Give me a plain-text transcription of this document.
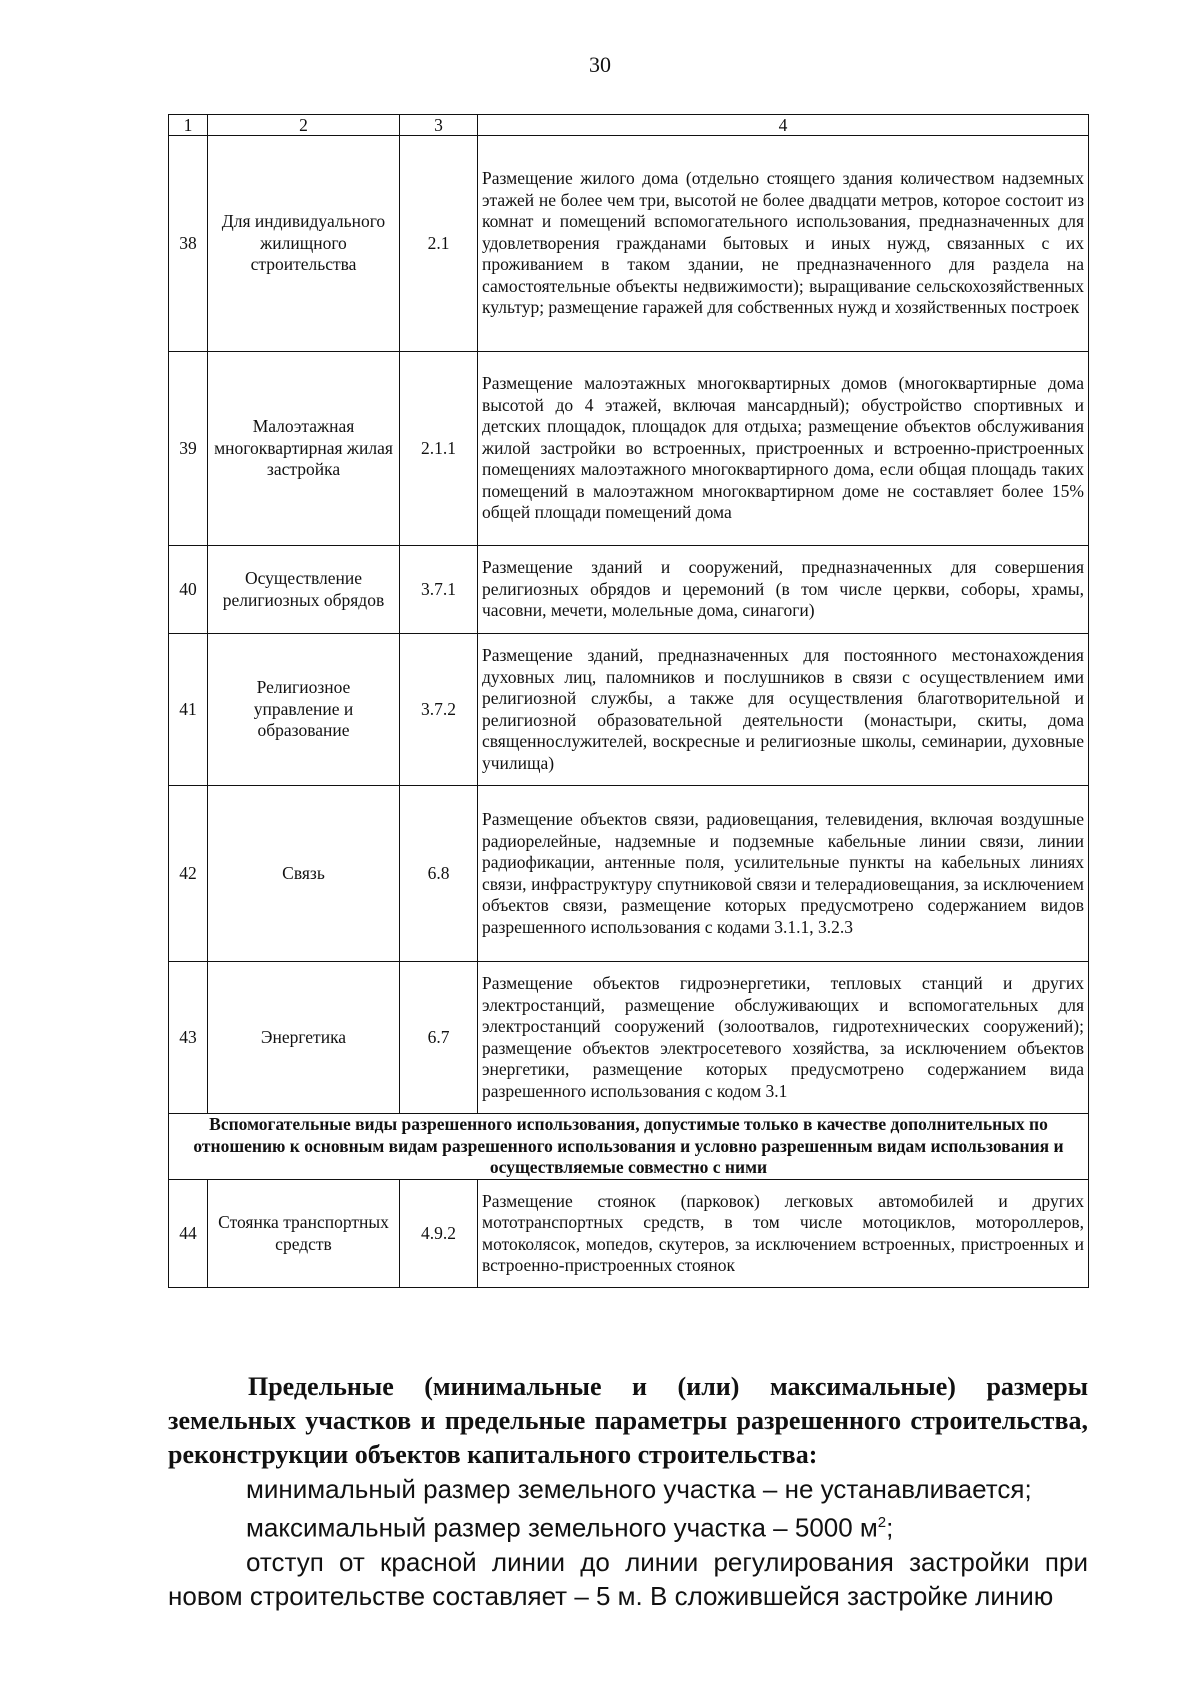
30
1	2	3	4
38	Для индивидуального жилищного строительства	2.1	Размещение жилого дома (отдельно стоящего здания количеством надземных этажей не более чем три, высотой не более двадцати метров, которое состоит из комнат и помещений вспомогательного использования, предназначенных для удовлетворения гражданами бытовых и иных нужд, связанных с их проживанием в таком здании, не предназначенного для раздела на самостоятельные объекты недвижимости); выращивание сельскохозяйственных культур; размещение гаражей для собственных нужд и хозяйственных построек
39	Малоэтажная многоквартирная жилая застройка	2.1.1	Размещение малоэтажных многоквартирных домов (многоквартирные дома высотой до 4 этажей, включая мансардный); обустройство спортивных и детских площадок, площадок для отдыха; размещение объектов обслуживания жилой застройки во встроенных, пристроенных и встроенно-пристроенных помещениях малоэтажного многоквартирного дома, если общая площадь таких помещений в малоэтажном многоквартирном доме не составляет более 15% общей площади помещений дома
40	Осуществление религиозных обрядов	3.7.1	Размещение зданий и сооружений, предназначенных для совершения религиозных обрядов и церемоний (в том числе церкви, соборы, храмы, часовни, мечети, молельные дома, синагоги)
41	Религиозное управление и образование	3.7.2	Размещение зданий, предназначенных для постоянного местонахождения духовных лиц, паломников и послушников в связи с осуществлением ими религиозной службы, а также для осуществления благотворительной и религиозной образовательной деятельности (монастыри, скиты, дома священнослужителей, воскресные и религиозные школы, семинарии, духовные училища)
42	Связь	6.8	Размещение объектов связи, радиовещания, телевидения, включая воздушные радиорелейные, надземные и подземные кабельные линии связи, линии радиофикации, антенные поля, усилительные пункты на кабельных линиях связи, инфраструктуру спутниковой связи и телерадиовещания, за исключением объектов связи, размещение которых предусмотрено содержанием видов разрешенного использования с кодами 3.1.1, 3.2.3
43	Энергетика	6.7	Размещение объектов гидроэнергетики, тепловых станций и других электростанций, размещение обслуживающих и вспомогательных для электростанций сооружений (золоотвалов, гидротехнических сооружений); размещение объектов электросетевого хозяйства, за исключением объектов энергетики, размещение которых предусмотрено содержанием вида разрешенного использования с кодом 3.1
Вспомогательные виды разрешенного использования, допустимые только в качестве дополнительных по отношению к основным видам разрешенного использования и условно разрешенным видам использования и осуществляемые совместно с ними			
44	Стоянка транспортных средств	4.9.2	Размещение стоянок (парковок) легковых автомобилей и других мототранспортных средств, в том числе мотоциклов, мотороллеров, мотоколясок, мопедов, скутеров, за исключением встроенных, пристроенных и встроенно-пристроенных стоянок
Предельные (минимальные и (или) максимальные) размеры земельных участков и предельные параметры разрешенного строительства, реконструкции объектов капитального строительства:
минимальный размер земельного участка – не устанавливается;
максимальный размер земельного участка – 5000 $м^2$;
отступ от красной линии до линии регулирования застройки при новом строительстве составляет – 5 м. В сложившейся застройке линию
